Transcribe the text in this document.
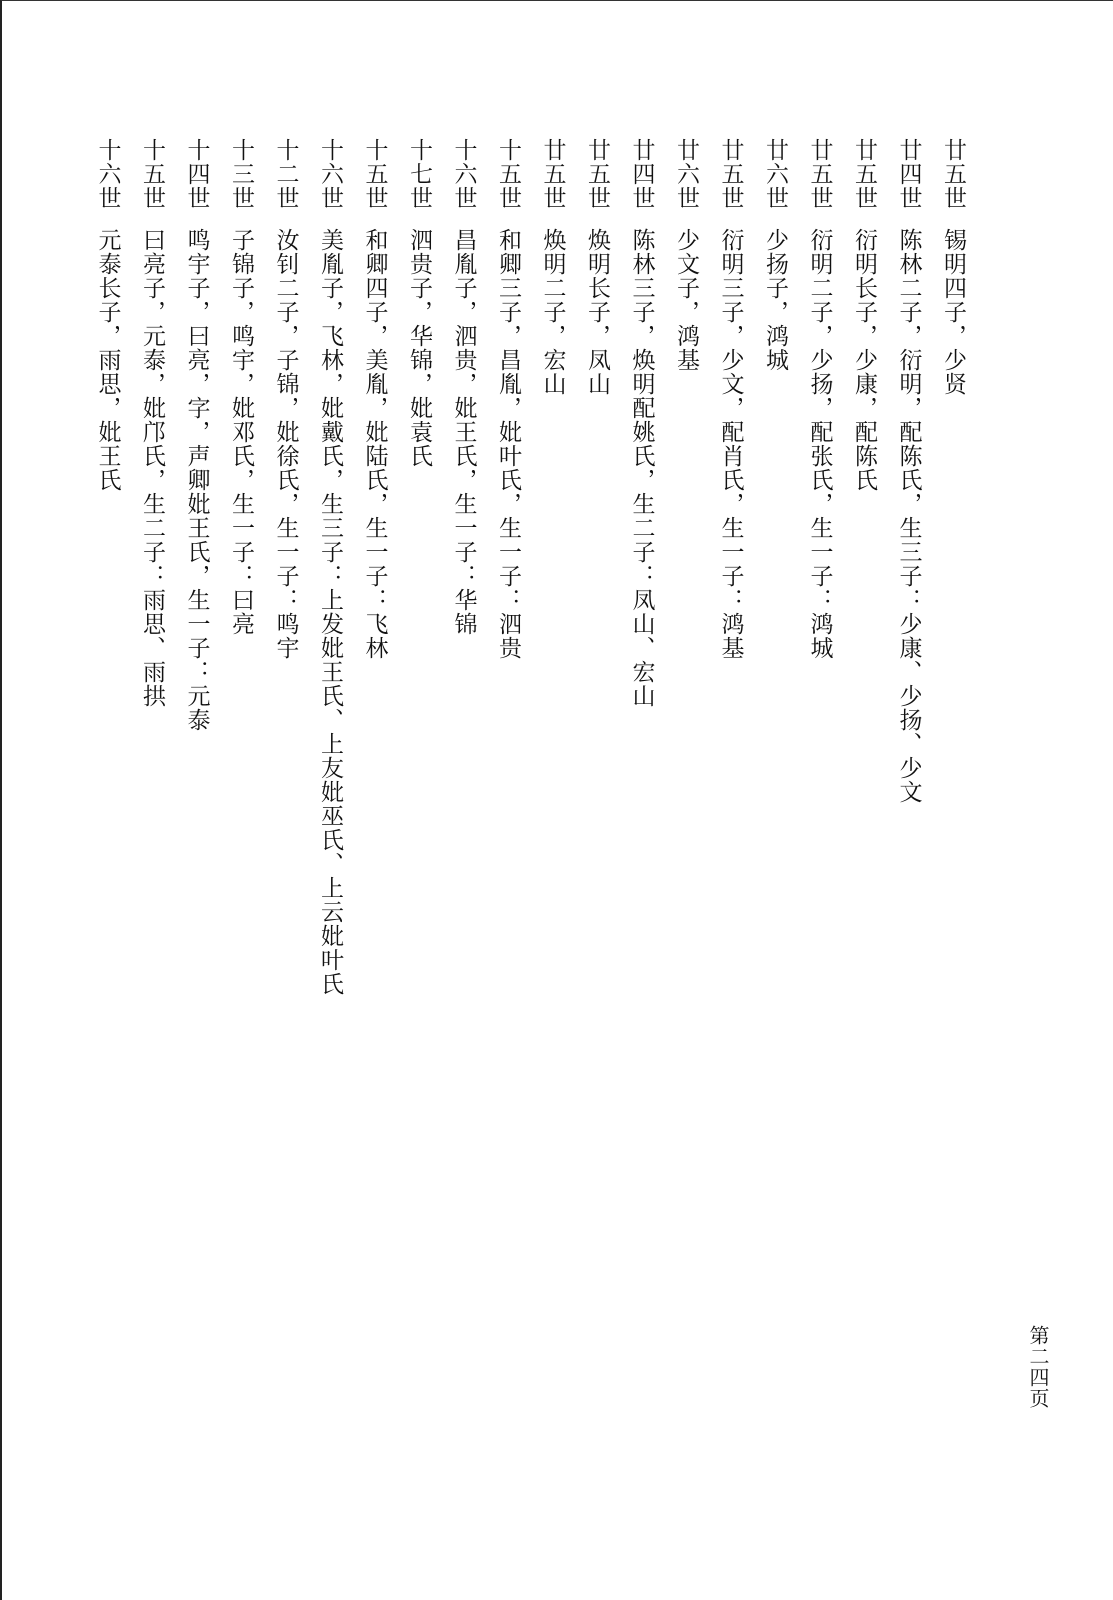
廿五世锡明四子，少贤
廿四世陈林二子，衍明，配陈氏，生三子：少康、少扬、少文
廿五世衍明长子，少康，配陈氏
廿五世衍明二子，少扬，配张氏，生一子：鸿城
廿六世少扬子，鸿城
廿五世衍明三子，少文，配肖氏，生一子：鸿基
廿六世少文子，鸿基
廿四世陈林三子，焕明配姚氏，生二子：凤山、宏山
廿五世焕明长子，凤山
廿五世焕明二子，宏山
十五世和卿三子，昌胤，妣叶氏，生一子：泗贵
十六世昌胤子，泗贵，妣王氏，生一子：华锦
十七世泗贵子，华锦，妣袁氏
十五世和卿四子，美胤，妣陆氏，生一子：飞林
十六世美胤子，飞林，妣戴氏，生三子：上发妣王氏、上友妣巫氏、上云妣叶氏
十二世汝钊二子，子锦，妣徐氏，生一子：鸣宇
十三世子锦子，鸣宇，妣邓氏，生一子：曰亮
十四世鸣宇子，曰亮，字，声卿妣王氏，生一子：元泰
十五世曰亮子，元泰，妣邝氏，生二子：雨思、雨拱
十六世元泰长子，雨思，妣王氏
第二四页
